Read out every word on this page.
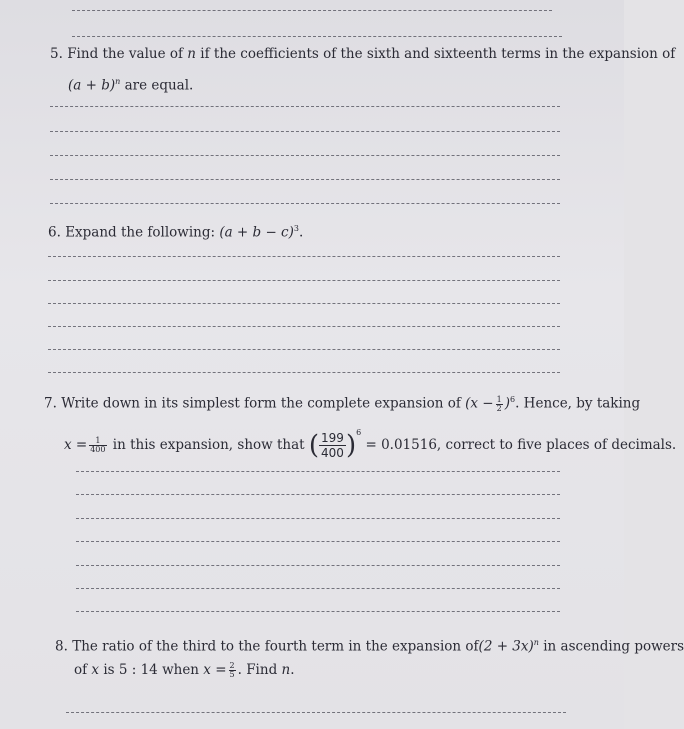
5. Find the value of n if the coefficients of the sixth and sixteenth terms in the expansion of
$(a + b)^n$ are equal.
6. Expand the following: $(a + b - c)^3$.
7. Write down in its simplest form the complete expansion of $(x - \frac{1}{2} )^6$. Hence, by taking
$x = \frac{1}{400}$ in this expansion, show that ( $\frac{199}{400} )^6 = 0.01516$, correct to five places of decimals.
8. The ratio of the third to the fourth term in the expansion $of(2 + 3x)^n$ in ascending powers
of x is 5 : 14 when $x = \frac{2}{5}$ . Find n.
